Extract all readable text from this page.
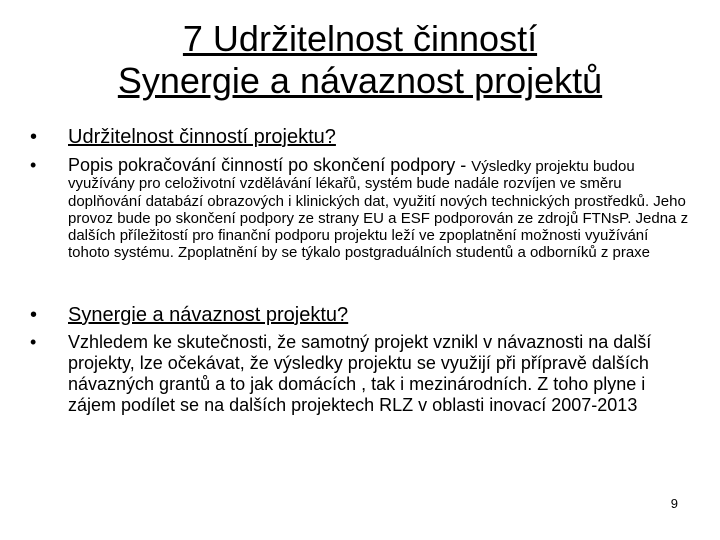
7 Udržitelnost činností
Synergie a návaznost projektů
• Udržitelnost činností projektu?
• Popis pokračování činností po skončení podpory - Výsledky projektu budou využívány pro celoživotní vzdělávání lékařů, systém bude nadále rozvíjen ve směru doplňování databází obrazových i klinických dat, využití nových technických prostředků. Jeho provoz bude po skončení podpory ze strany EU a ESF podporován ze zdrojů FTNsP. Jedna z dalších příležitostí pro finanční podporu projektu leží ve zpoplatnění možnosti využívání tohoto systému. Zpoplatnění by se týkalo postgraduálních studentů a odborníků z praxe
• Synergie a návaznost projektu?
• Vzhledem ke skutečnosti, že samotný projekt vznikl v návaznosti na další projekty, lze očekávat, že výsledky projektu se využijí při přípravě dalších návazných grantů a to jak domácích , tak i mezinárodních. Z toho plyne i zájem podílet se na dalších projektech RLZ v oblasti inovací 2007-2013
9
